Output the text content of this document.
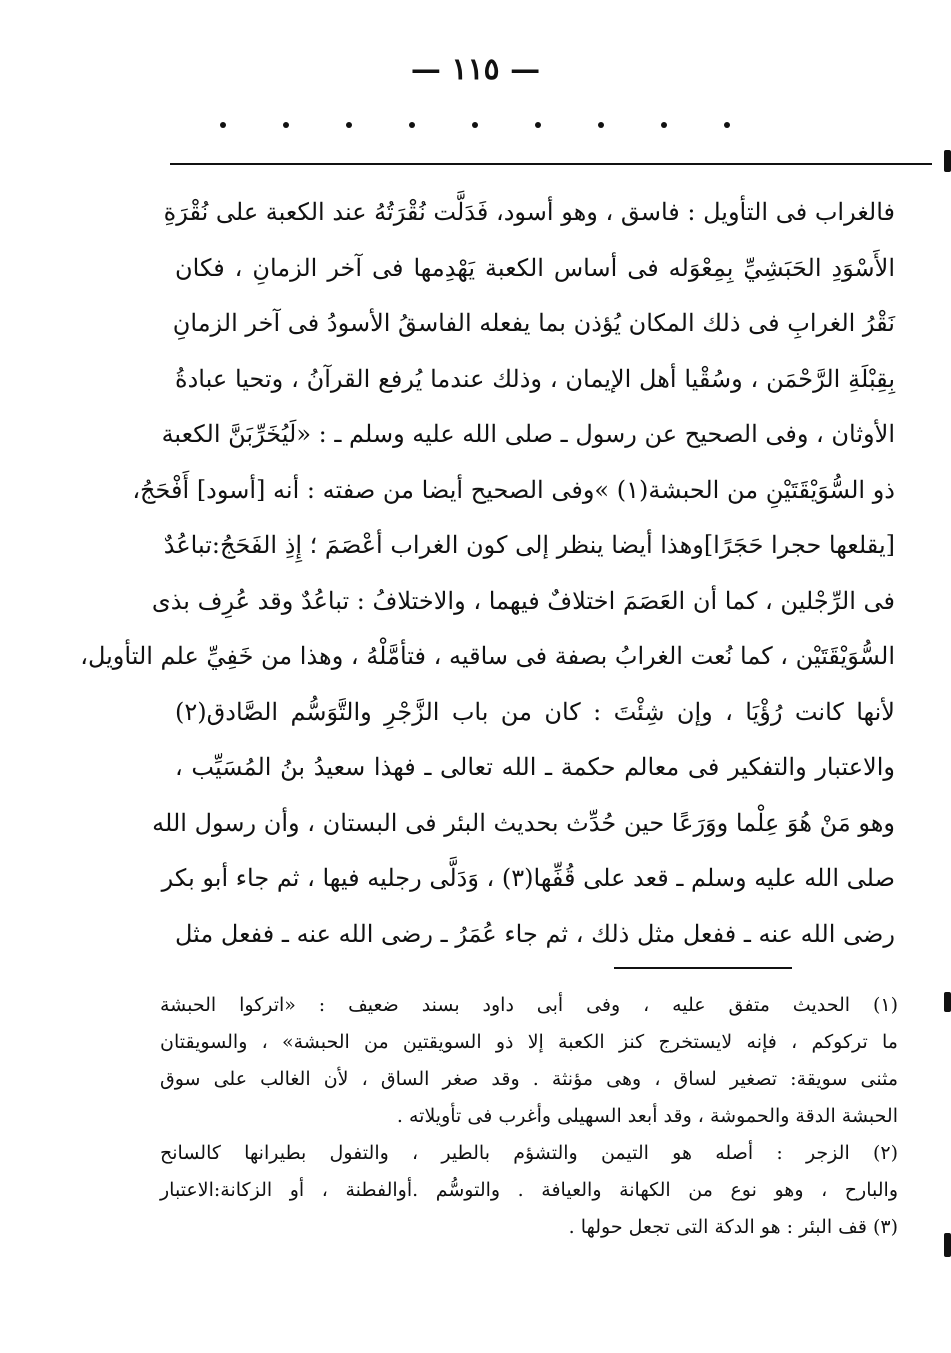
— ١١٥ —
فالغراب فى التأويل : فاسق ، وهو أسود، فَدَلَّت نُقْرَتُهُ عند الكعبة على نُقْرَةِ
الأَسْوَدِ الحَبَشِيِّ بِمِعْوَله فى أساس الكعبة يَهْدِمها فى آخر الزمانِ ، فكان
نَقْرُ الغرابِ فى ذلك المكان يُؤذن بما يفعله الفاسقُ الأسودُ فى آخر الزمانِ
بِقِبْلَةِ الرَّحْمَن ، وسُقْيا أهل الإيمان ، وذلك عندما يُرفع القرآنُ ، وتحيا عبادةُ
الأوثان ، وفى الصحيح عن رسول ـ صلى الله عليه وسلم ـ : «لَيُخَرِّبَنَّ الكعبة
ذو السُّوَيْقَتَيْنِ من الحبشة(١) »وفى الصحيح أيضا من صفته : أنه [أسود] أَفْحَجُ،
[يقلعها حجرا حَجَرًا]وهذا أيضا ينظر إلى كون الغراب أعْصَمَ ؛ إِذِ الفَحَجُ:تباعُدٌ
فى الرِّجْلين ، كما أن العَصَمَ اختلافٌ فيهما ، والاختلافُ : تباعُدٌ وقد عُرِف بذى
السُّوَيْقَتَيْن ، كما نُعت الغرابُ بصفة فى ساقيه ، فتأمَّلْهُ ، وهذا من خَفِيِّ علم التأويل،
لأنها كانت رُؤْيَا ، وإن شِئْتَ : كان من باب الزَّجْرِ والتَّوَسُّم الصَّادق(٢)
والاعتبار والتفكير فى معالم حكمة ـ الله تعالى ـ فهذا سعيدُ بنُ المُسَيِّب ،
وهو مَنْ هُوَ عِلْما ووَرَعًا حين حُدِّث بحديث البئر فى البستان ، وأن رسول الله
صلى الله عليه وسلم ـ قعد على قُفِّها(٣) ، وَدَلَّى رجليه فيها ، ثم جاء أبو بكر
رضى الله عنه ـ ففعل مثل ذلك ، ثم جاء عُمَرُ ـ رضى الله عنه ـ ففعل مثل
(١) الحديث متفق عليه ، وفى أبى داود بسند ضعيف : «اتركوا الحبشة
ما تركوكم ، فإنه لايستخرج كنز الكعبة إلا ذو السويقتين من الحبشة» ، والسويقتان
مثنى سويقة: تصغير لساق ، وهى مؤنثة . وقد صغر الساق ، لأن الغالب على سوق
الحبشة الدقة والحموشة ، وقد أبعد السهيلى وأغرب فى تأويلاته .
(٢) الزجر : أصله هو التيمن والتشؤم بالطير ، والتفول بطيرانها كالسانح
والبارح ، وهو نوع من الكهانة والعيافة . والتوسُّم .أوالفطنة ، أو الزكانة:الاعتبار
(٣) قف البئر : هو الدكة التى تجعل حولها .
